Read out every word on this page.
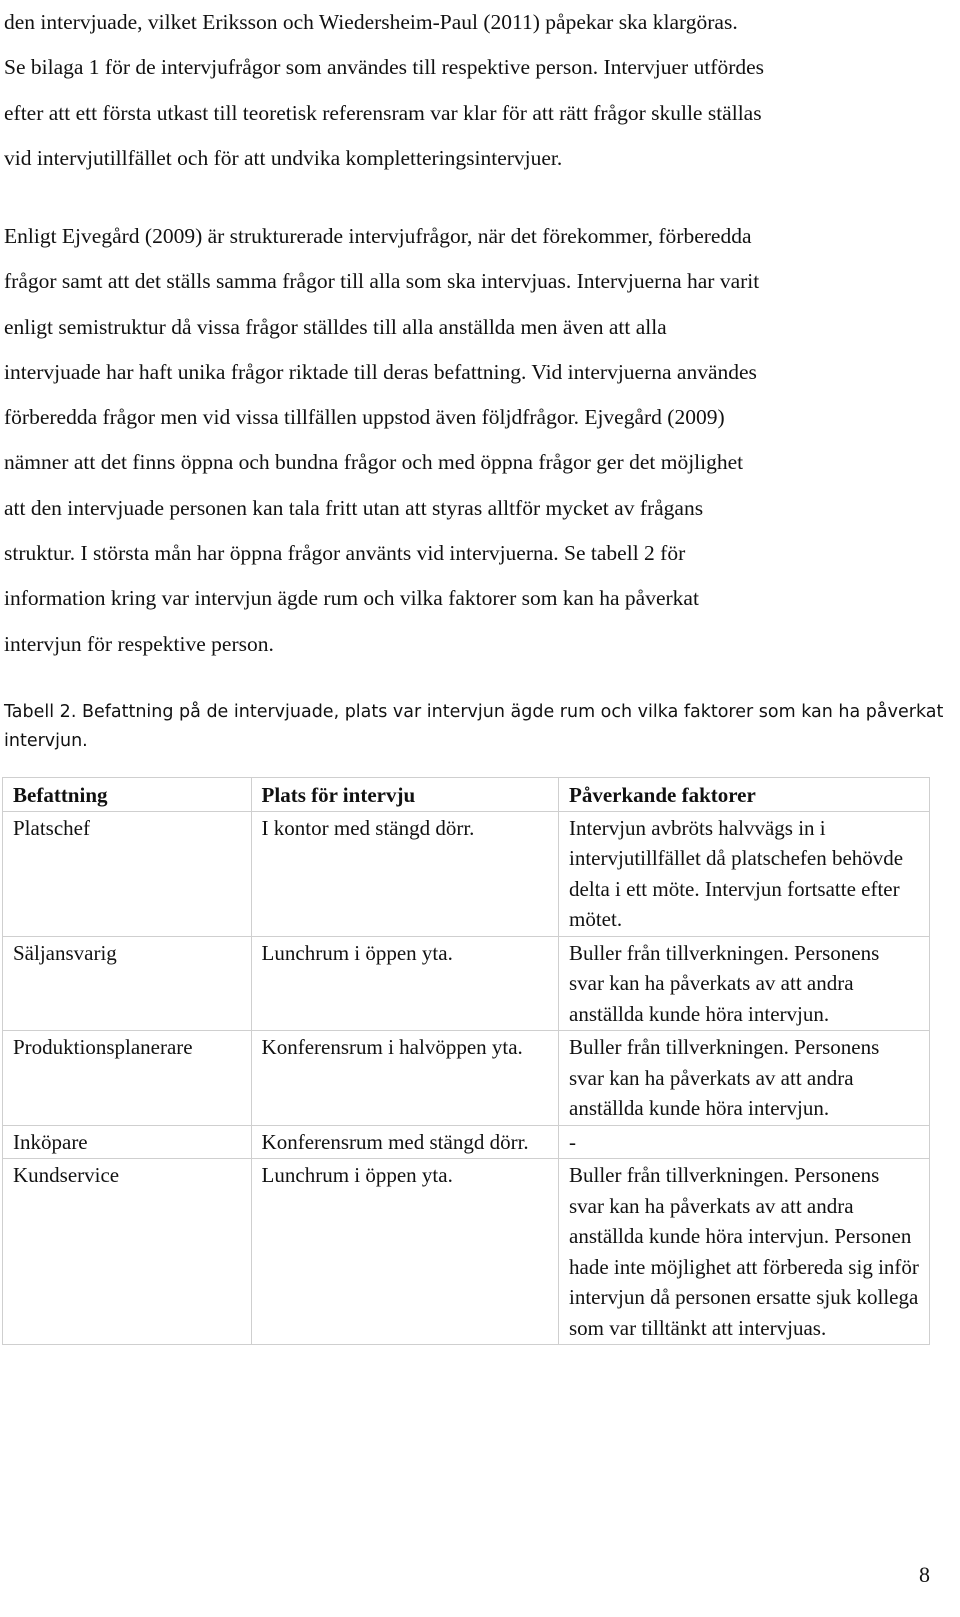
den intervjuade, vilket Eriksson och Wiedersheim-Paul (2011) påpekar ska klargöras.
Se bilaga 1 för de intervjufrågor som användes till respektive person. Intervjuer utfördes
efter att ett första utkast till teoretisk referensram var klar för att rätt frågor skulle ställas
vid intervjutillfället och för att undvika kompletteringsintervjuer.
Enligt Ejvegård (2009) är strukturerade intervjufrågor, när det förekommer, förberedda
frågor samt att det ställs samma frågor till alla som ska intervjuas. Intervjuerna har varit
enligt semistruktur då vissa frågor ställdes till alla anställda men även att alla
intervjuade har haft unika frågor riktade till deras befattning. Vid intervjuerna användes
förberedda frågor men vid vissa tillfällen uppstod även följdfrågor. Ejvegård (2009)
nämner att det finns öppna och bundna frågor och med öppna frågor ger det möjlighet
att den intervjuade personen kan tala fritt utan att styras alltför mycket av frågans
struktur. I största mån har öppna frågor använts vid intervjuerna. Se tabell 2 för
information kring var intervjun ägde rum och vilka faktorer som kan ha påverkat
intervjun för respektive person.

Tabell 2. Befattning på de intervjuade, plats var intervjun ägde rum och vilka faktorer som kan ha påverkat intervjun.

Befattning	Plats för intervju	Påverkande faktorer
Platschef	I kontor med stängd dörr.	Intervjun avbröts halvvägs in i intervjutillfället då platschefen behövde delta i ett möte. Intervjun fortsatte efter mötet.
Säljansvarig	Lunchrum i öppen yta.	Buller från tillverkningen. Personens svar kan ha påverkats av att andra anställda kunde höra intervjun.
Produktionsplanerare	Konferensrum i halvöppen yta.	Buller från tillverkningen. Personens svar kan ha påverkats av att andra anställda kunde höra intervjun.
Inköpare	Konferensrum med stängd dörr.	-
Kundservice	Lunchrum i öppen yta.	Buller från tillverkningen. Personens svar kan ha påverkats av att andra anställda kunde höra intervjun. Personen hade inte möjlighet att förbereda sig inför intervjun då personen ersatte sjuk kollega som var tilltänkt att intervjuas.
8
